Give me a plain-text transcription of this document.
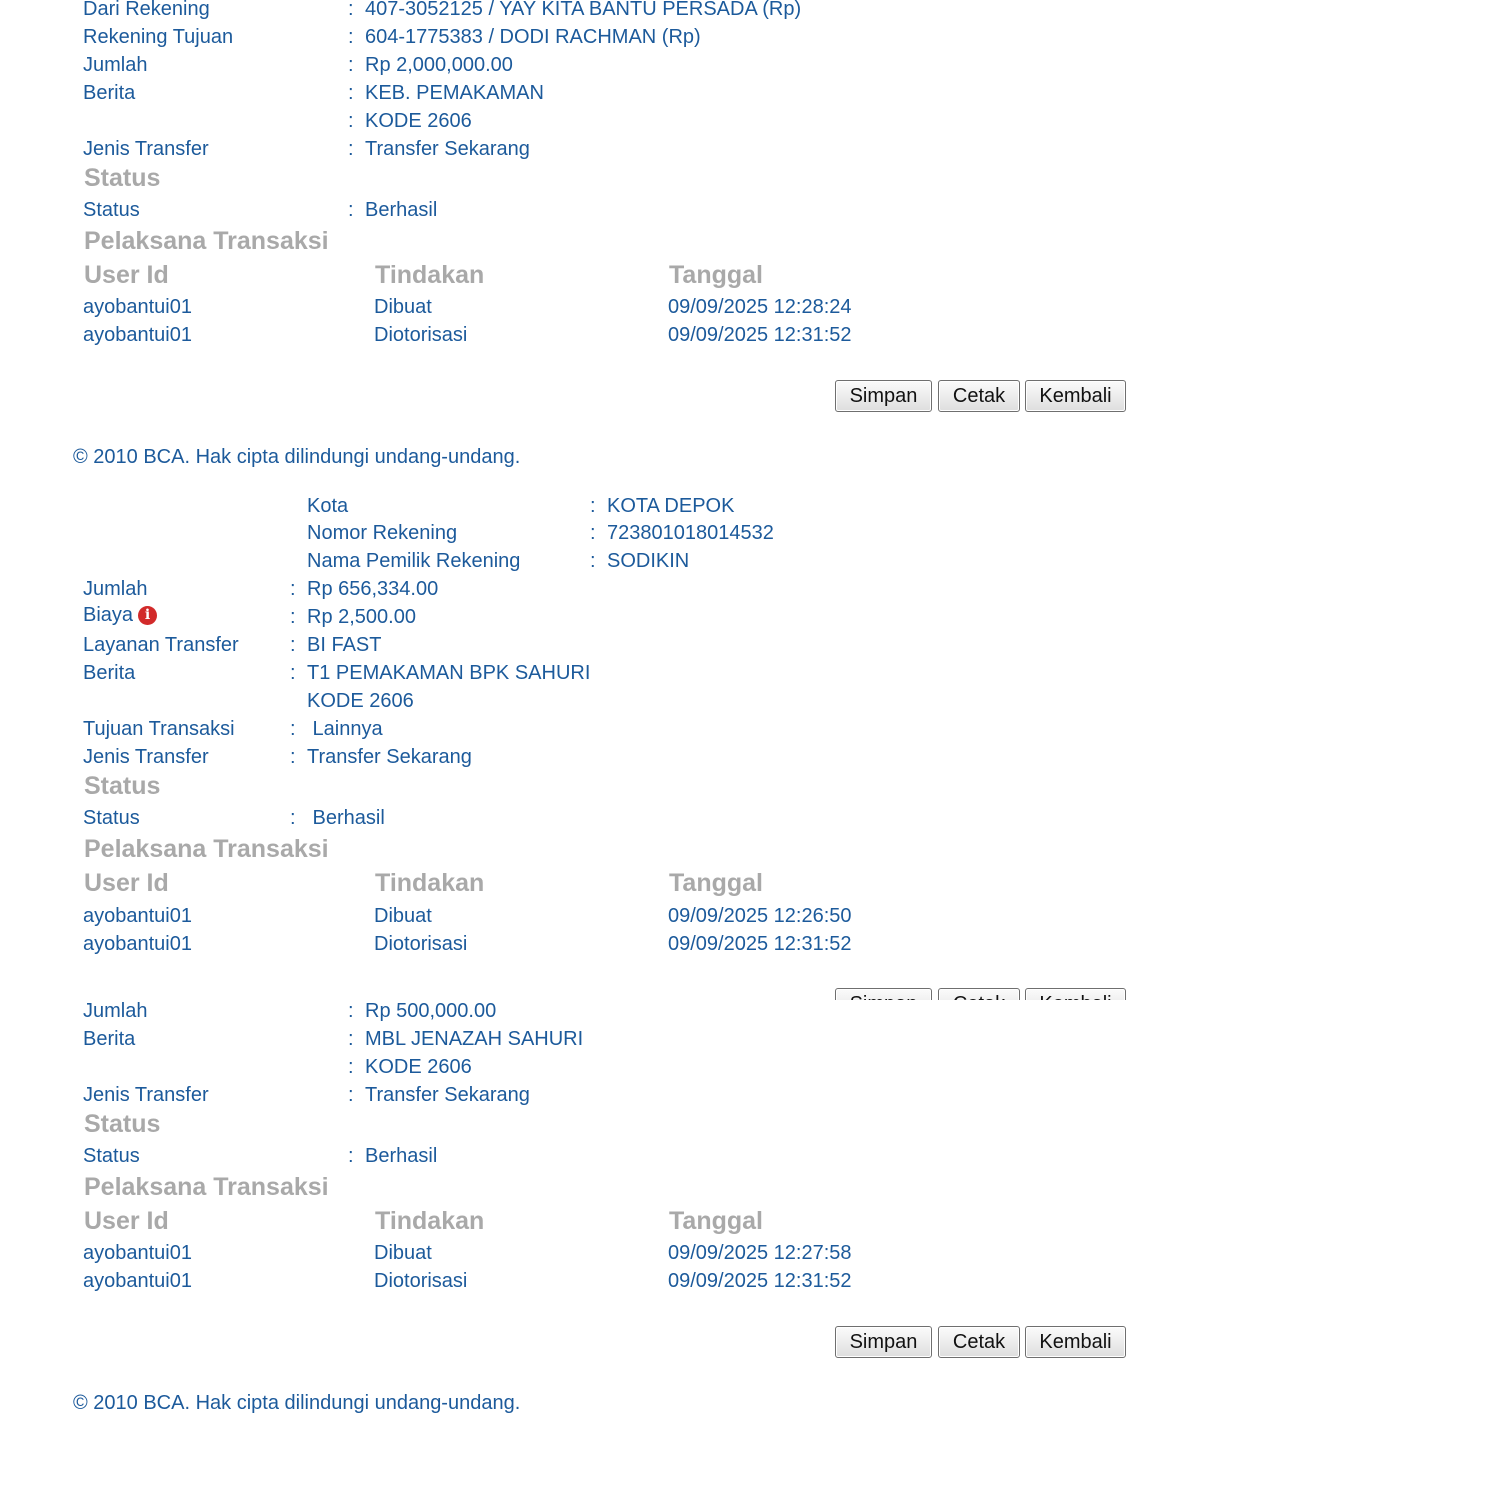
Dari Rekening	: 407-3052125 / YAY KITA BANTU PERSADA (Rp)
Rekening Tujuan	: 604-1775383 / DODI RACHMAN (Rp)
Jumlah	: Rp 2,000,000.00
Berita	: KEB. PEMAKAMAN
: KODE 2606
Jenis Transfer	: Transfer Sekarang
Status
Status	: Berhasil
Pelaksana Transaksi
User Id	Tindakan	Tanggal
ayobantui01	Dibuat	09/09/2025 12:28:24
ayobantui01	Diotorisasi	09/09/2025 12:31:52
Simpan	Cetak	Kembali
© 2010 BCA. Hak cipta dilindungi undang-undang.
Kota	: KOTA DEPOK
Nomor Rekening	: 723801018014532
Nama Pemilik Rekening	: SODIKIN
Jumlah	: Rp 656,334.00
Biaya i	: Rp 2,500.00
Layanan Transfer	: BI FAST
Berita	: T1 PEMAKAMAN BPK SAHURI
KODE 2606
Tujuan Transaksi	: Lainnya
Jenis Transfer	: Transfer Sekarang
Status
Status	: Berhasil
Pelaksana Transaksi
User Id	Tindakan	Tanggal
ayobantui01	Dibuat	09/09/2025 12:26:50
ayobantui01	Diotorisasi	09/09/2025 12:31:52
Jumlah	: Rp 500,000.00
Berita	: MBL JENAZAH SAHURI
: KODE 2606
Jenis Transfer	: Transfer Sekarang
Status
Status	: Berhasil
Pelaksana Transaksi
User Id	Tindakan	Tanggal
ayobantui01	Dibuat	09/09/2025 12:27:58
ayobantui01	Diotorisasi	09/09/2025 12:31:52
Simpan	Cetak	Kembali
© 2010 BCA. Hak cipta dilindungi undang-undang.
